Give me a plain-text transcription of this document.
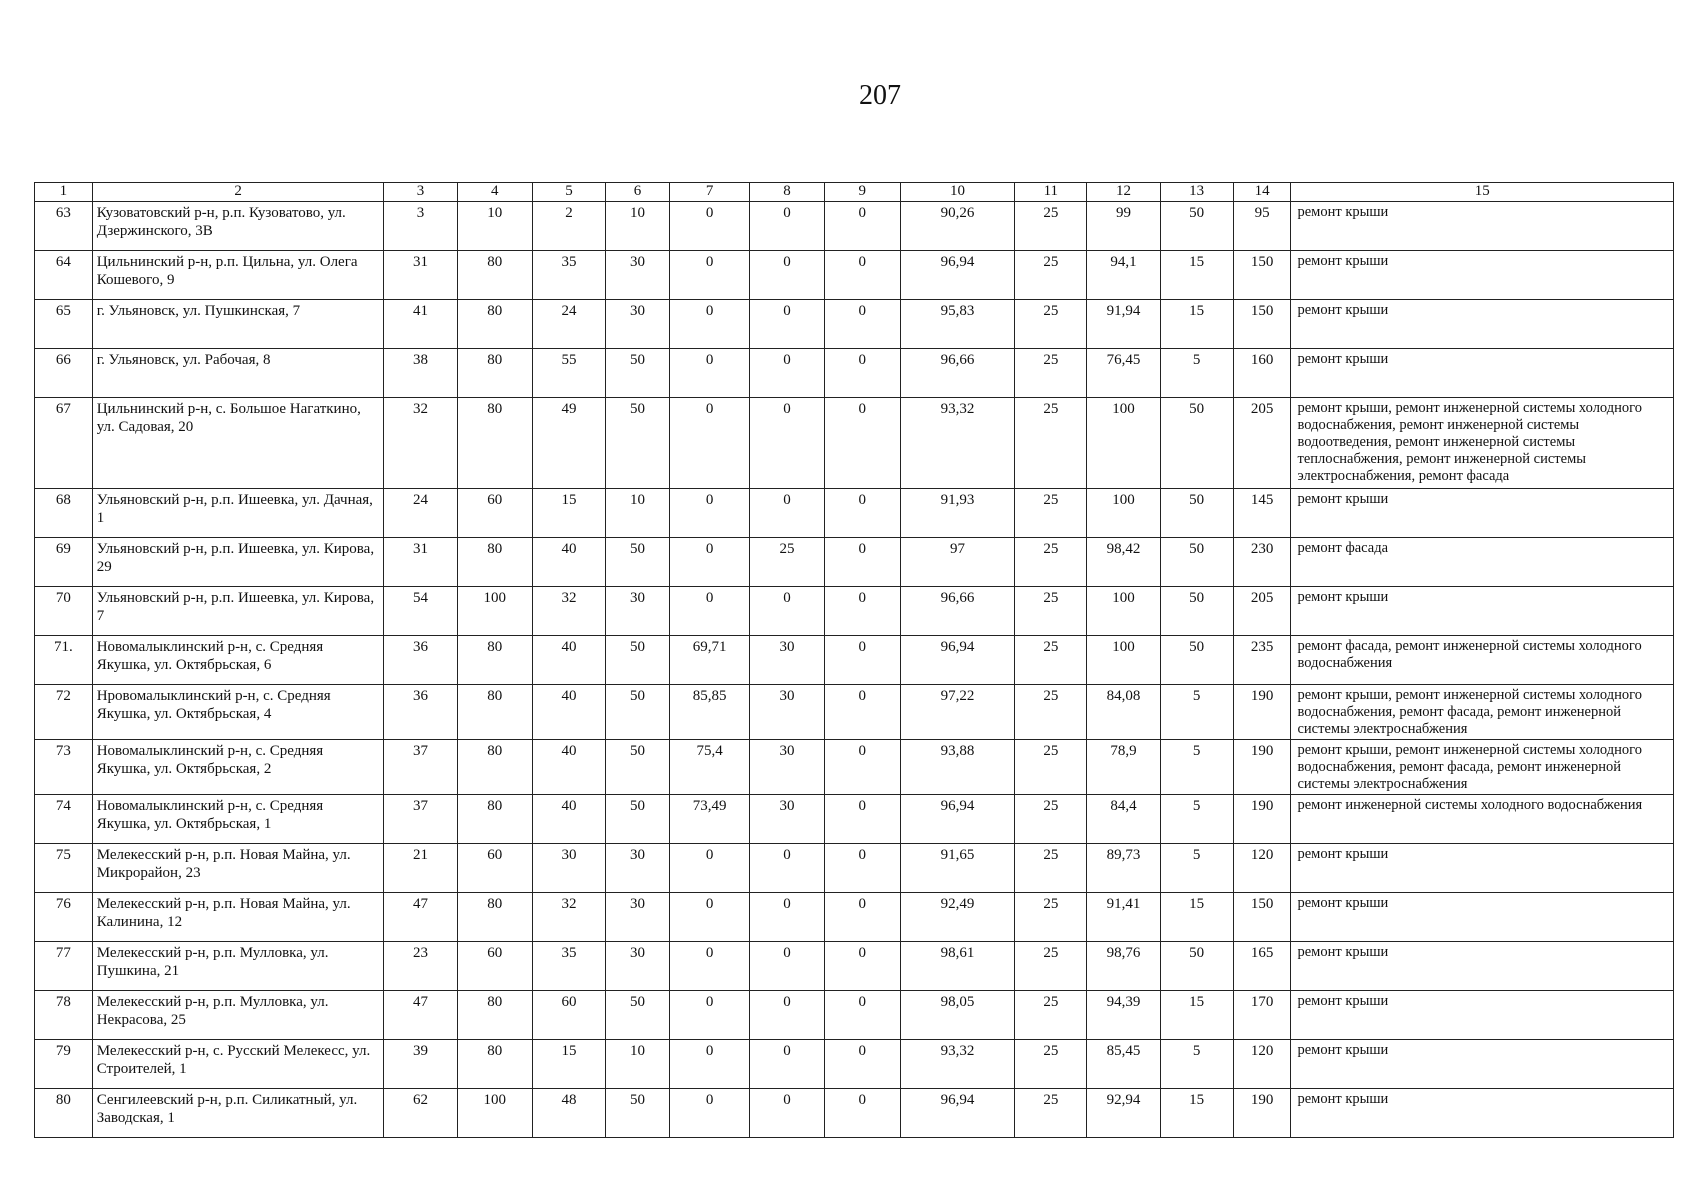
207
1	2	3	4	5	6	7	8	9	10	11	12	13	14	15
63	Кузоватовский р-н, р.п. Кузоватово, ул. Дзержинского, 3В	3	10	2	10	0	0	0	90,26	25	99	50	95	ремонт крыши
64	Цильнинский р-н, р.п. Цильна, ул. Олега Кошевого, 9	31	80	35	30	0	0	0	96,94	25	94,1	15	150	ремонт крыши
65	г. Ульяновск, ул. Пушкинская, 7	41	80	24	30	0	0	0	95,83	25	91,94	15	150	ремонт крыши
66	г. Ульяновск, ул. Рабочая, 8	38	80	55	50	0	0	0	96,66	25	76,45	5	160	ремонт крыши
67	Цильнинский р-н, с. Большое Нагаткино, ул. Садовая, 20	32	80	49	50	0	0	0	93,32	25	100	50	205	ремонт крыши, ремонт инженерной системы холодного водоснабжения, ремонт инженерной системы водоотведения, ремонт инженерной системы теплоснабжения, ремонт инженерной системы электроснабжения, ремонт фасада
68	Ульяновский р-н, р.п. Ишеевка, ул. Дачная, 1	24	60	15	10	0	0	0	91,93	25	100	50	145	ремонт крыши
69	Ульяновский р-н, р.п. Ишеевка, ул. Кирова, 29	31	80	40	50	0	25	0	97	25	98,42	50	230	ремонт фасада
70	Ульяновский р-н, р.п. Ишеевка, ул. Кирова, 7	54	100	32	30	0	0	0	96,66	25	100	50	205	ремонт крыши
71.	Новомалыклинский р-н, с. Средняя Якушка, ул. Октябрьская, 6	36	80	40	50	69,71	30	0	96,94	25	100	50	235	ремонт фасада, ремонт инженерной системы холодного водоснабжения
72	Нровомалыклинский р-н, с. Средняя Якушка, ул. Октябрьская, 4	36	80	40	50	85,85	30	0	97,22	25	84,08	5	190	ремонт крыши, ремонт инженерной системы холодного водоснабжения, ремонт фасада, ремонт инженерной системы электроснабжения
73	Новомалыклинский р-н, с. Средняя Якушка, ул. Октябрьская, 2	37	80	40	50	75,4	30	0	93,88	25	78,9	5	190	ремонт крыши, ремонт инженерной системы холодного водоснабжения, ремонт фасада, ремонт инженерной системы электроснабжения
74	Новомалыклинский р-н, с. Средняя Якушка, ул. Октябрьская, 1	37	80	40	50	73,49	30	0	96,94	25	84,4	5	190	ремонт инженерной системы холодного водоснабжения
75	Мелекесский р-н, р.п. Новая Майна, ул. Микрорайон, 23	21	60	30	30	0	0	0	91,65	25	89,73	5	120	ремонт крыши
76	Мелекесский р-н, р.п. Новая Майна, ул. Калинина, 12	47	80	32	30	0	0	0	92,49	25	91,41	15	150	ремонт крыши
77	Мелекесский р-н, р.п. Мулловка, ул. Пушкина, 21	23	60	35	30	0	0	0	98,61	25	98,76	50	165	ремонт крыши
78	Мелекесский р-н, р.п. Мулловка, ул. Некрасова, 25	47	80	60	50	0	0	0	98,05	25	94,39	15	170	ремонт крыши
79	Мелекесский р-н, с. Русский Мелекесс, ул. Строителей, 1	39	80	15	10	0	0	0	93,32	25	85,45	5	120	ремонт крыши
80	Сенгилеевский р-н, р.п. Силикатный, ул. Заводская, 1	62	100	48	50	0	0	0	96,94	25	92,94	15	190	ремонт крыши
